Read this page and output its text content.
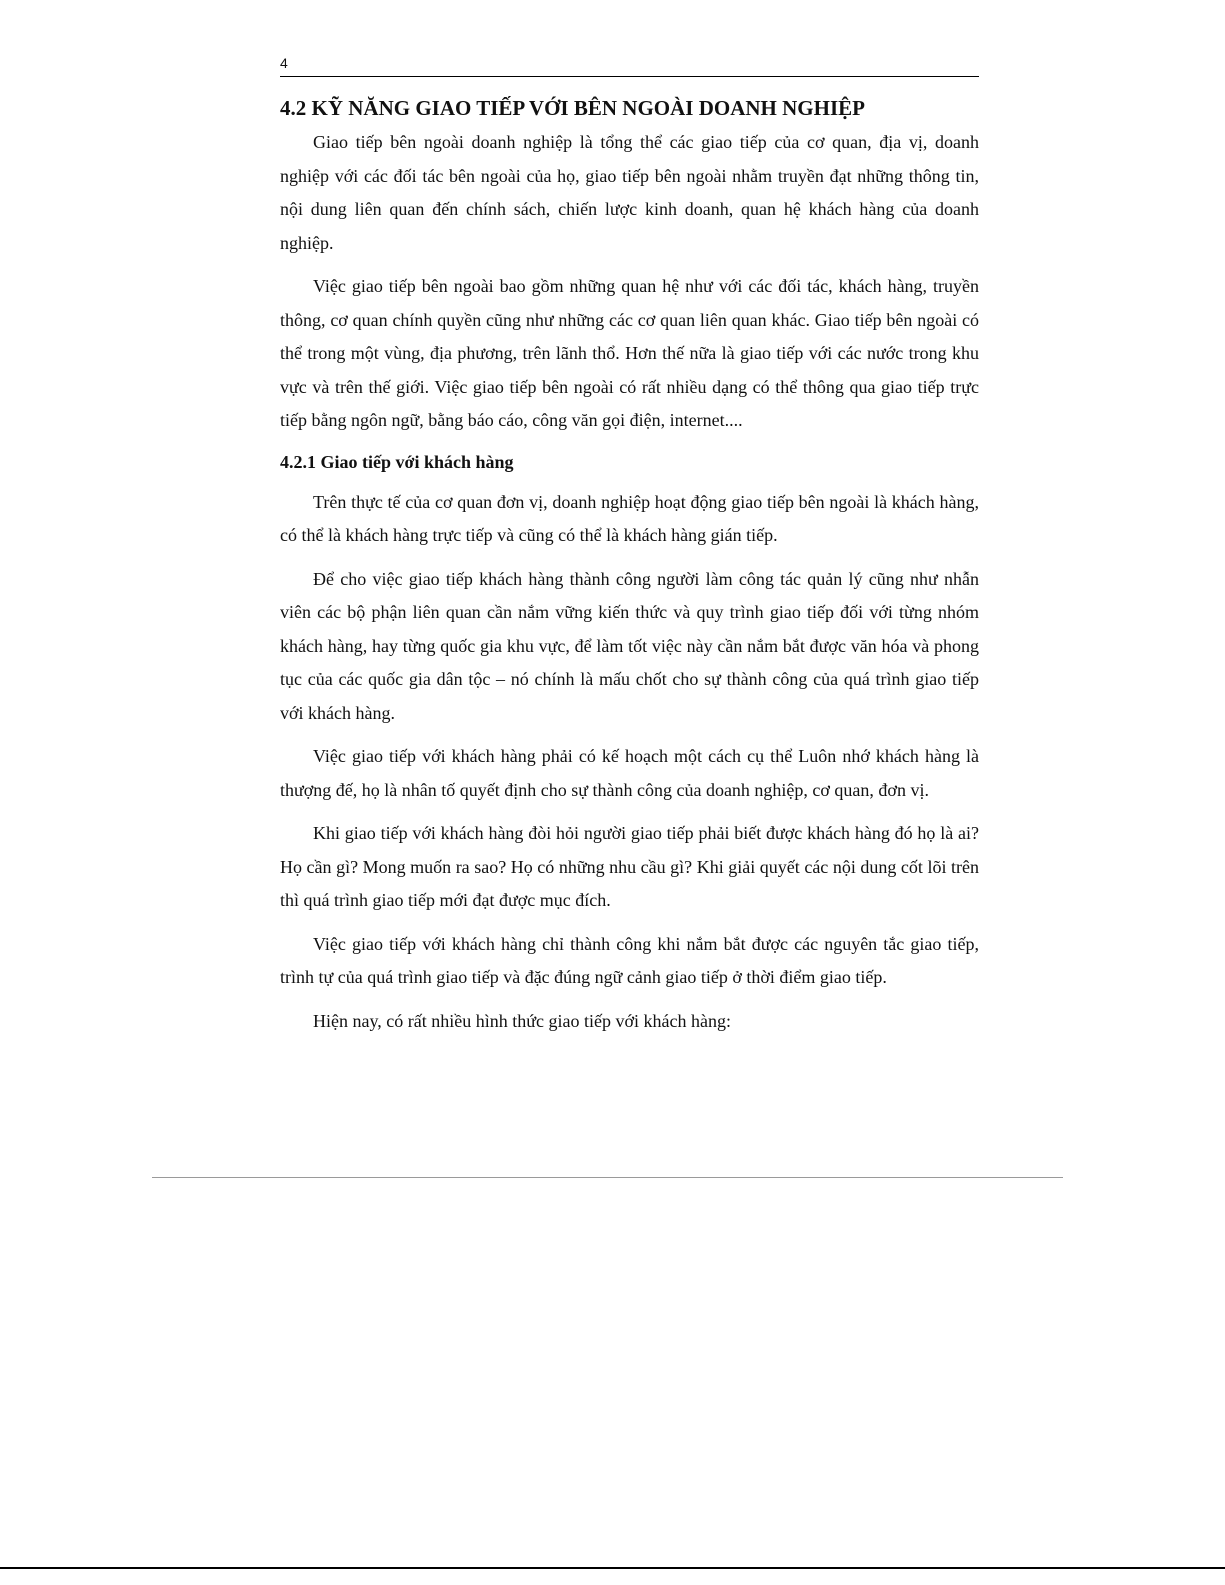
4
4.2 KỸ NĂNG GIAO TIẾP VỚI BÊN NGOÀI DOANH NGHIỆP

Giao tiếp bên ngoài doanh nghiệp là tổng thể các giao tiếp của cơ quan, địa vị, doanh nghiệp với các đối tác bên ngoài của họ, giao tiếp bên ngoài nhằm truyền đạt những thông tin, nội dung liên quan đến chính sách, chiến lược kinh doanh, quan hệ khách hàng của doanh nghiệp.

Việc giao tiếp bên ngoài bao gồm những quan hệ như với các đối tác, khách hàng, truyền thông, cơ quan chính quyền cũng như những các cơ quan liên quan khác. Giao tiếp bên ngoài có thể trong một vùng, địa phương, trên lãnh thổ. Hơn thế nữa là giao tiếp với các nước trong khu vực và trên thế giới. Việc giao tiếp bên ngoài có rất nhiều dạng có thể thông qua giao tiếp trực tiếp bằng ngôn ngữ, bằng báo cáo, công văn gọi điện, internet....

4.2.1 Giao tiếp với khách hàng

Trên thực tế của cơ quan đơn vị, doanh nghiệp hoạt động giao tiếp bên ngoài là khách hàng, có thể là khách hàng trực tiếp và cũng có thể là khách hàng gián tiếp.

Để cho việc giao tiếp khách hàng thành công người làm công tác quản lý cũng như nhẫn viên các bộ phận liên quan cần nắm vững kiến thức và quy trình giao tiếp đối với từng nhóm khách hàng, hay từng quốc gia khu vực, để làm tốt việc này cần nắm bắt được văn hóa và phong tục của các quốc gia dân tộc – nó chính là mấu chốt cho sự thành công của quá trình giao tiếp với khách hàng.

Việc giao tiếp với khách hàng phải có kế hoạch một cách cụ thể Luôn nhớ khách hàng là thượng đế, họ là nhân tố quyết định cho sự thành công của doanh nghiệp, cơ quan, đơn vị.

Khi giao tiếp với khách hàng đòi hỏi người giao tiếp phải biết được khách hàng đó họ là ai? Họ cần gì? Mong muốn ra sao? Họ có những nhu cầu gì? Khi giải quyết các nội dung cốt lõi trên thì quá trình giao tiếp mới đạt được mục đích.

Việc giao tiếp với khách hàng chỉ thành công khi nắm bắt được các nguyên tắc giao tiếp, trình tự của quá trình giao tiếp và đặc đúng ngữ cảnh giao tiếp ở thời điểm giao tiếp.

Hiện nay, có rất nhiều hình thức giao tiếp với khách hàng:
